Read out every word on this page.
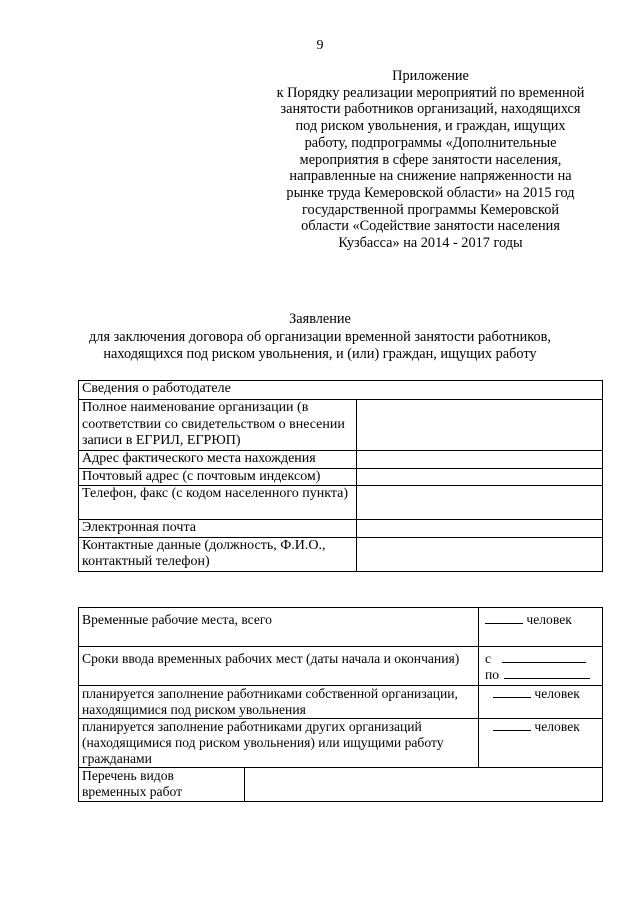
9
Приложение
к Порядку реализации мероприятий по временной
занятости работников организаций, находящихся
под риском увольнения, и граждан, ищущих
работу, подпрограммы «Дополнительные
мероприятия в сфере занятости населения,
направленные на снижение напряженности на
рынке труда Кемеровской области» на 2015 год
государственной программы Кемеровской
области «Содействие занятости населения
Кузбасса» на 2014 - 2017 годы
Заявление
для заключения договора об организации временной занятости работников,
находящихся под риском увольнения, и (или) граждан, ищущих работу
Сведения о работодателе	
Полное наименование организации (в соответствии со свидетельством о внесении записи в ЕГРИЛ, ЕГРЮП)	
Адрес фактического места нахождения	
Почтовый адрес (с почтовым индексом)	
Телефон, факс (с кодом населенного пункта)	
Электронная почта	
Контактные данные (должность, Ф.И.О., контактный телефон)	
Временные рабочие места, всего		человек
Сроки ввода временных рабочих мест (даты начала и окончания)		с
по

планируется заполнение работниками собственной организации, находящимися под риском увольнения		человек
планируется заполнение работниками других организаций (находящимися под риском увольнения) или ищущими работу гражданами		человек
Перечень видов временных работ		
